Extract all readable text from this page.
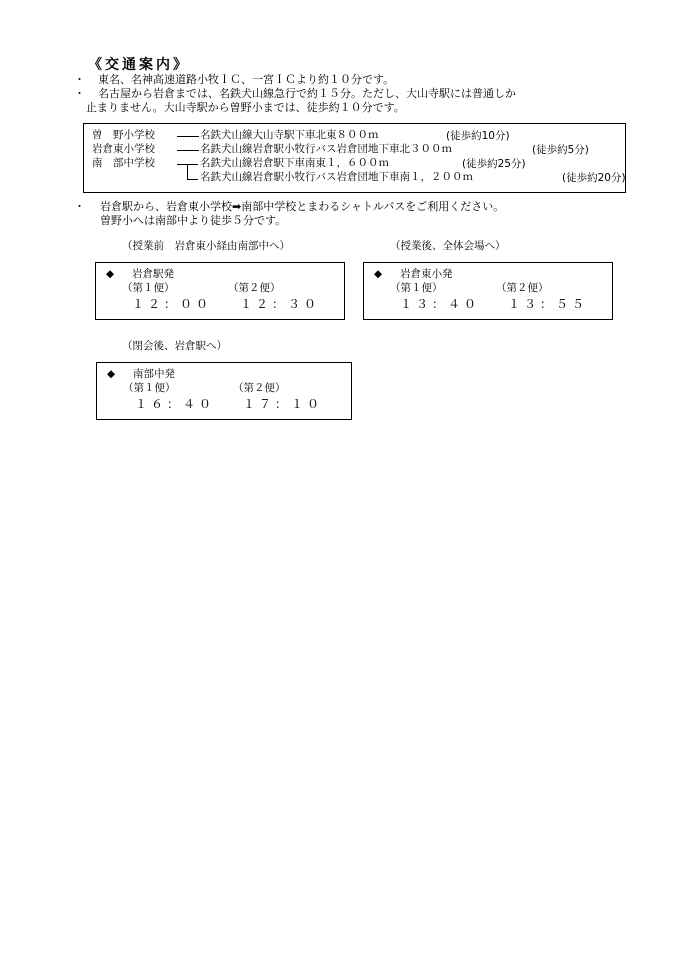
《交通案内》
・ 東名、名神高速道路小牧ＩＣ、一宮ＩＣより約１０分です。
・ 名古屋から岩倉までは、名鉄犬山線急行で約１５分。ただし、大山寺駅には普通しか
止まりません。大山寺駅から曽野小までは、徒歩約１０分です。
曽　野小学校	名鉄犬山線大山寺駅下車北東８００ｍ	(徒歩約10分)
岩倉東小学校	名鉄犬山線岩倉駅小牧行バス岩倉団地下車北３００ｍ	(徒歩約5分)
南　部中学校	名鉄犬山線岩倉駅下車南東１，６００ｍ	(徒歩約25分)
名鉄犬山線岩倉駅小牧行バス岩倉団地下車南１，２００ｍ	(徒歩約20分)
・ 岩倉駅から、岩倉東小学校➡南部中学校とまわるシャトルバスをご利用ください。
曽野小へは南部中より徒歩５分です。
（授業前　岩倉東小経由南部中へ）
◆ 岩倉駅発
（第１便）	（第２便）
１２：００ １２：３０
（授業後、全体会場へ）
◆ 岩倉東小発
（第１便）	（第２便）
１３：４０ １３：５５
（閉会後、岩倉駅へ）
◆ 南部中発
（第１便）	（第２便）
１６：４０ １７：１０
